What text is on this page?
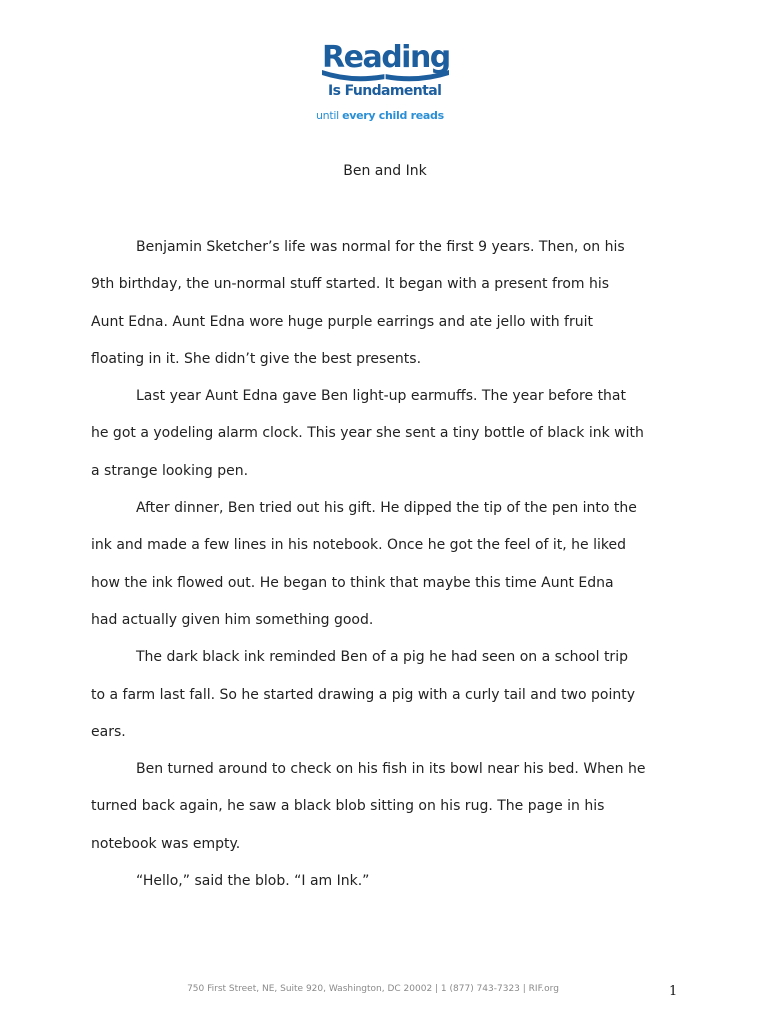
Reading
Is Fundamental
until every child reads
Ben and Ink
Benjamin Sketcher’s life was normal for the first 9 years. Then, on his
9th birthday, the un-normal stuff started. It began with a present from his
Aunt Edna. Aunt Edna wore huge purple earrings and ate jello with fruit
floating in it. She didn’t give the best presents.
Last year Aunt Edna gave Ben light-up earmuffs. The year before that
he got a yodeling alarm clock. This year she sent a tiny bottle of black ink with
a strange looking pen.
After dinner, Ben tried out his gift. He dipped the tip of the pen into the
ink and made a few lines in his notebook. Once he got the feel of it, he liked
how the ink flowed out. He began to think that maybe this time Aunt Edna
had actually given him something good.
The dark black ink reminded Ben of a pig he had seen on a school trip
to a farm last fall. So he started drawing a pig with a curly tail and two pointy
ears.
Ben turned around to check on his fish in its bowl near his bed. When he
turned back again, he saw a black blob sitting on his rug. The page in his
notebook was empty.
“Hello,” said the blob. “I am Ink.”
750 First Street, NE, Suite 920, Washington, DC 20002 | 1 (877) 743-7323 | RIF.org	1
